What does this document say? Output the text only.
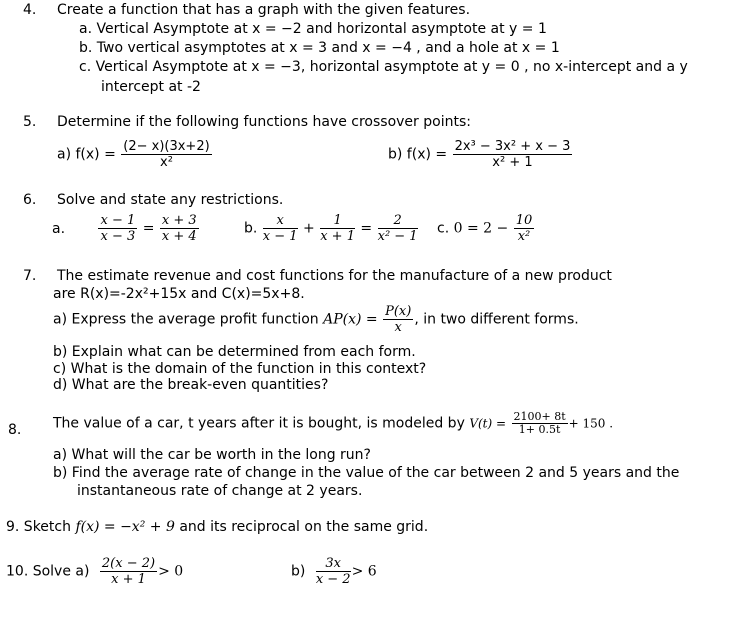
4. Create a function that has a graph with the given features.
a. Vertical Asymptote at x = −2 and horizontal asymptote at y = 1
b. Two vertical asymptotes at x = 3 and x = −4 , and a hole at x = 1
c. Vertical Asymptote at x = −3, horizontal asymptote at y = 0 , no x-intercept and a y
intercept at -2
5. Determine if the following functions have crossover points:
a) $f(x) = \frac{(2- x)(3x+2)}{\text{x²}}$	b) $f(x) = \frac{\text{2x³ − 3x² + x − 3}}{\text{x² + 1}}$
6. Solve and state any restrictions.
a.	$\frac{x - 1}{x - 3} = \frac{x + 3}{x + 4}$	b. $\frac{x}{x - 1} + \frac{1}{x + 1} = \frac{2}{\text{x² − 1}} c$. $0 = 2 - \frac{10}{\text{x²}}$
7. The estimate revenue and cost functions for the manufacture of a new product
are R(x)=-2x²+15x and C(x)=5x+8.
a) Express the average profit function $AP(x) = \frac{P(x)}{x}$ , in two different forms.
b) Explain what can be determined from each form.
c) What is the domain of the function in this context?
d) What are the break-even quantities?
8. The value of a car, t years after it is bought, is modeled by $V(t) = \frac{2100+ 8t}{1+ 0.5t} + 150$ .
a) What will the car be worth in the long run?
b) Find the average rate of change in the value of the car between 2 and 5 years and the
instantaneous rate of change at 2 years.
9. Sketch f(x) = −x² + 9 and its reciprocal on the same grid.
10. Solve $a) \frac{2(x - 2)}{x + 1} > 0$	$b) \frac{3x}{x - 2} > 6$
